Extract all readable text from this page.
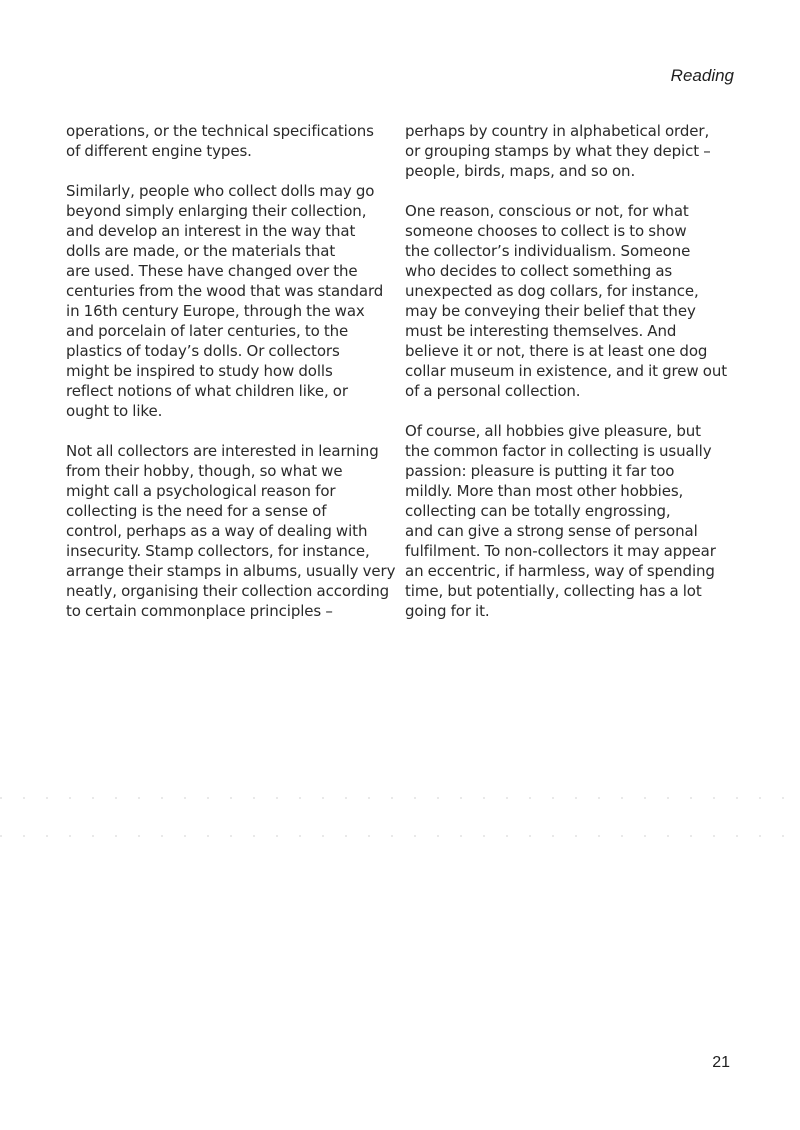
Reading

operations, or the technical specifications
of different engine types.

Similarly, people who collect dolls may go
beyond simply enlarging their collection,
and develop an interest in the way that
dolls are made, or the materials that
are used. These have changed over the
centuries from the wood that was standard
in 16th century Europe, through the wax
and porcelain of later centuries, to the
plastics of today’s dolls. Or collectors
might be inspired to study how dolls
reflect notions of what children like, or
ought to like.

Not all collectors are interested in learning
from their hobby, though, so what we
might call a psychological reason for
collecting is the need for a sense of
control, perhaps as a way of dealing with
insecurity. Stamp collectors, for instance,
arrange their stamps in albums, usually very
neatly, organising their collection according
to certain commonplace principles –

perhaps by country in alphabetical order,
or grouping stamps by what they depict –
people, birds, maps, and so on.

One reason, conscious or not, for what
someone chooses to collect is to show
the collector’s individualism. Someone
who decides to collect something as
unexpected as dog collars, for instance,
may be conveying their belief that they
must be interesting themselves. And
believe it or not, there is at least one dog
collar museum in existence, and it grew out
of a personal collection.

Of course, all hobbies give pleasure, but
the common factor in collecting is usually
passion: pleasure is putting it far too
mildly. More than most other hobbies,
collecting can be totally engrossing,
and can give a strong sense of personal
fulfilment. To non-collectors it may appear
an eccentric, if harmless, way of spending
time, but potentially, collecting has a lot
going for it.

21
